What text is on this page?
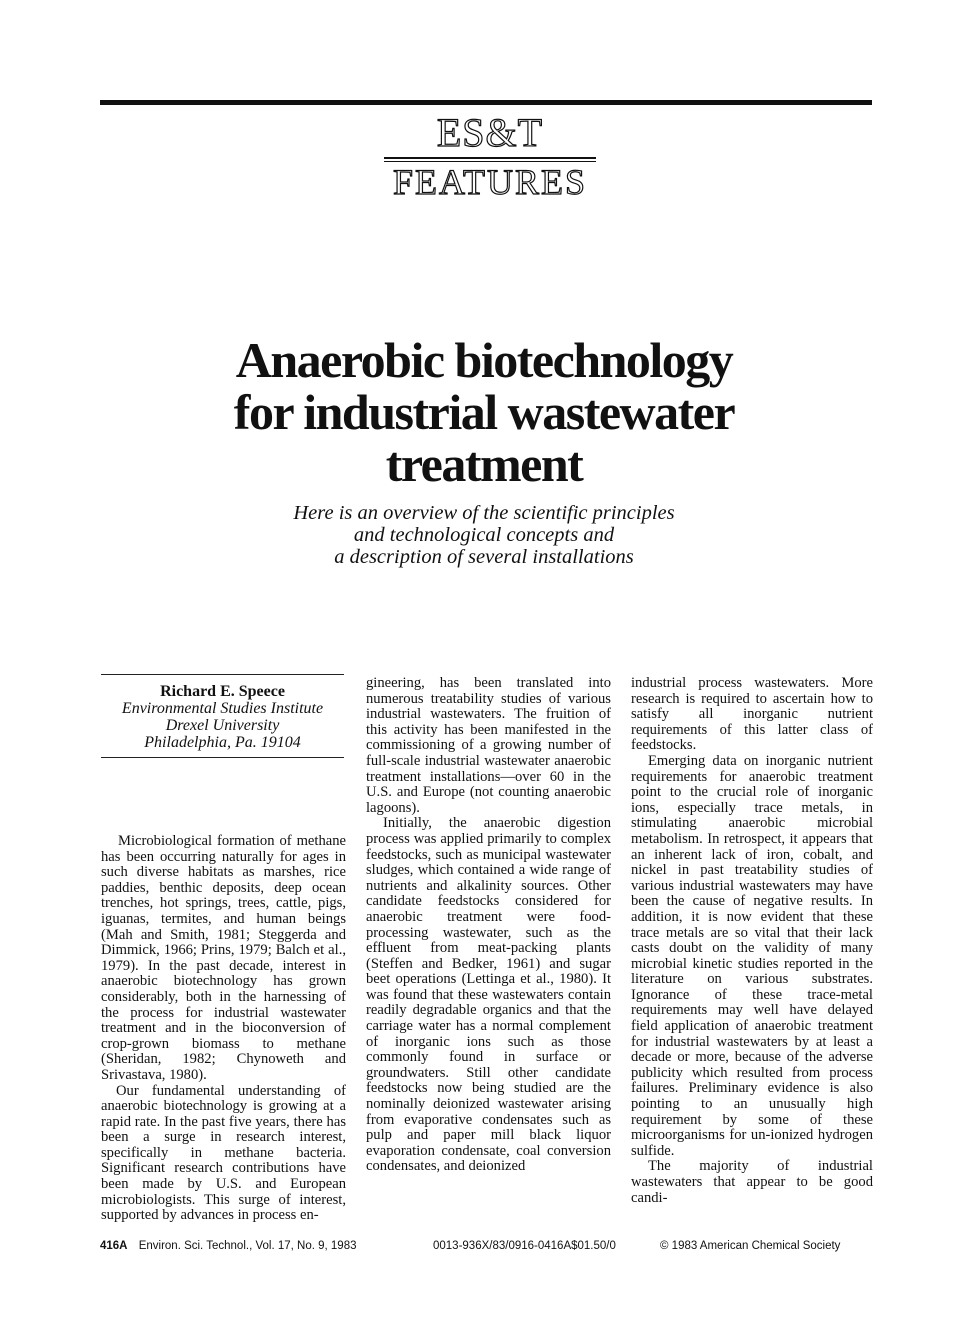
ES&T
FEATURES
Anaerobic biotechnology
for industrial wastewater
treatment

Here is an overview of the scientific principles
and technological concepts and
a description of several installations

Richard E. Speece
Environmental Studies Institute
Drexel University
Philadelphia, Pa. 19104

Microbiological formation of methane has been occurring naturally for ages in such diverse habitats as marshes, rice paddies, benthic deposits, deep ocean trenches, hot springs, trees, cattle, pigs, iguanas, termites, and human beings (Mah and Smith, 1981; Steggerda and Dimmick, 1966; Prins, 1979; Balch et al., 1979). In the past decade, interest in anaerobic biotechnology has grown considerably, both in the harnessing of the process for industrial wastewater treatment and in the bioconversion of crop-grown biomass to methane (Sheridan, 1982; Chynoweth and Srivastava, 1980).

Our fundamental understanding of anaerobic biotechnology is growing at a rapid rate. In the past five years, there has been a surge in research interest, specifically in methane bacteria. Significant research contributions have been made by U.S. and European microbiologists. This surge of interest, supported by advances in process en-

gineering, has been translated into numerous treatability studies of various industrial wastewaters. The fruition of this activity has been manifested in the commissioning of a growing number of full-scale industrial wastewater anaerobic treatment installations—over 60 in the U.S. and Europe (not counting anaerobic lagoons).

Initially, the anaerobic digestion process was applied primarily to complex feedstocks, such as municipal wastewater sludges, which contained a wide range of nutrients and alkalinity sources. Other candidate feedstocks considered for anaerobic treatment were food-processing wastewater, such as the effluent from meat-packing plants (Steffen and Bedker, 1961) and sugar beet operations (Lettinga et al., 1980). It was found that these wastewaters contain readily degradable organics and that the carriage water has a normal complement of inorganic ions such as those commonly found in surface or groundwaters. Still other candidate feedstocks now being studied are the nominally deionized wastewater arising from evaporative condensates such as pulp and paper mill black liquor evaporation condensate, coal conversion condensates, and deionized

industrial process wastewaters. More research is required to ascertain how to satisfy all inorganic nutrient requirements of this latter class of feedstocks.

Emerging data on inorganic nutrient requirements for anaerobic treatment point to the crucial role of inorganic ions, especially trace metals, in stimulating anaerobic microbial metabolism. In retrospect, it appears that an inherent lack of iron, cobalt, and nickel in past treatability studies of various industrial wastewaters may have been the cause of negative results. In addition, it is now evident that these trace metals are so vital that their lack casts doubt on the validity of many microbial kinetic studies reported in the literature on various substrates. Ignorance of these trace-metal requirements may well have delayed field application of anaerobic treatment for industrial wastewaters by at least a decade or more, because of the adverse publicity which resulted from process failures. Preliminary evidence is also pointing to an unusually high requirement by some of these microorganisms for un-ionized hydrogen sulfide.

The majority of industrial wastewaters that appear to be good candi-

416A Environ. Sci. Technol., Vol. 17, No. 9, 1983	0013-936X/83/0916-0416A$01.50/0	© 1983 American Chemical Society
